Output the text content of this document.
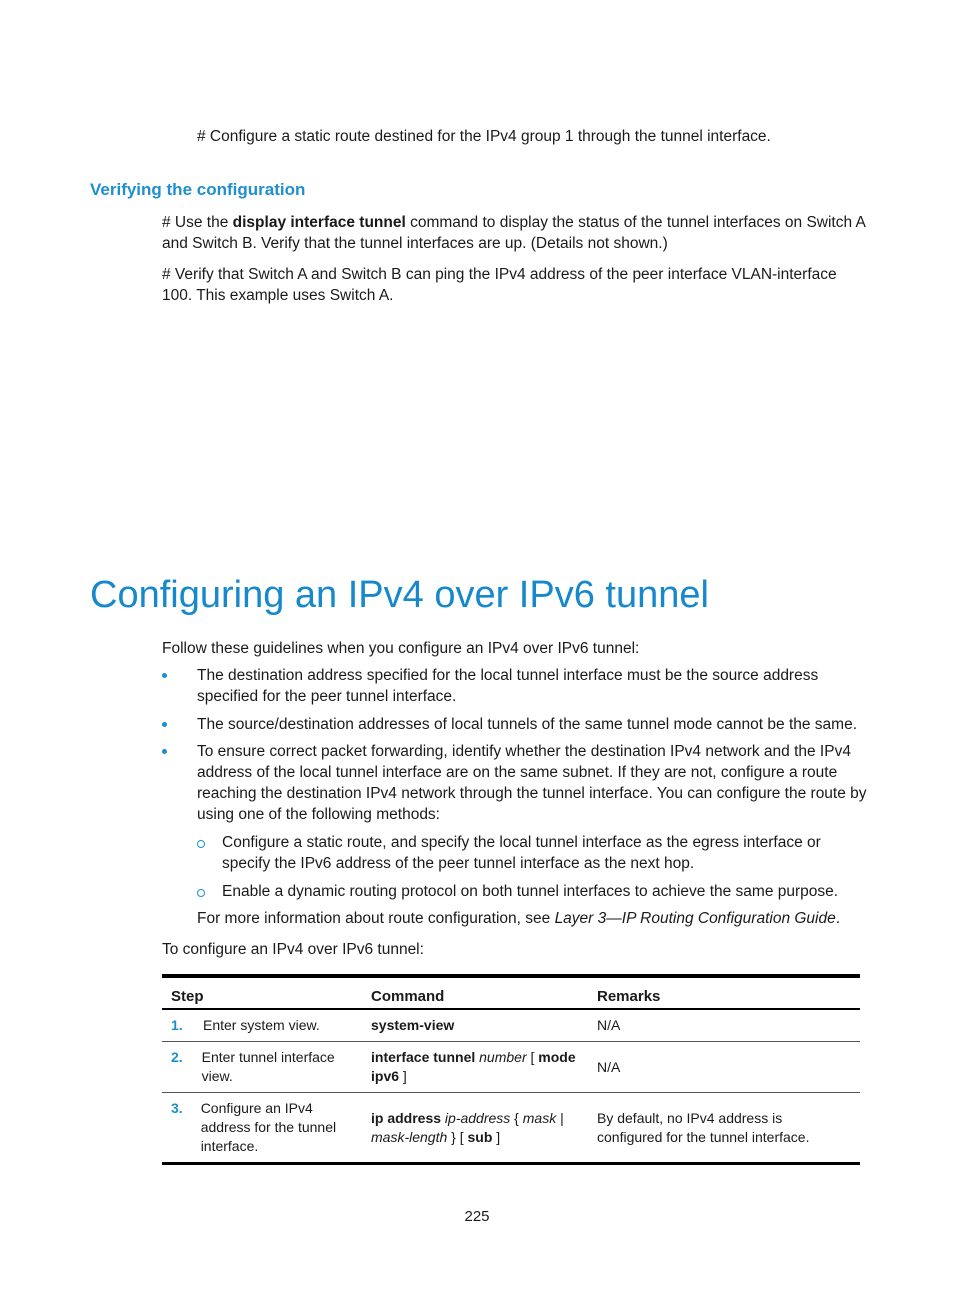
# Configure a static route destined for the IPv4 group 1 through the tunnel interface.

Verifying the configuration

# Use the display interface tunnel command to display the status of the tunnel interfaces on Switch A and Switch B. Verify that the tunnel interfaces are up. (Details not shown.)

# Verify that Switch A and Switch B can ping the IPv4 address of the peer interface VLAN-interface 100. This example uses Switch A.

Configuring an IPv4 over IPv6 tunnel

Follow these guidelines when you configure an IPv4 over IPv6 tunnel:

The destination address specified for the local tunnel interface must be the source address specified for the peer tunnel interface.

The source/destination addresses of local tunnels of the same tunnel mode cannot be the same.

To ensure correct packet forwarding, identify whether the destination IPv4 network and the IPv4 address of the local tunnel interface are on the same subnet. If they are not, configure a route reaching the destination IPv4 network through the tunnel interface. You can configure the route by using one of the following methods:

Configure a static route, and specify the local tunnel interface as the egress interface or specify the IPv6 address of the peer tunnel interface as the next hop.

Enable a dynamic routing protocol on both tunnel interfaces to achieve the same purpose.

For more information about route configuration, see Layer 3—IP Routing Configuration Guide.

To configure an IPv4 over IPv6 tunnel:

Step	Command	Remarks

1. Enter system view.	system-view	N/A

2. Enter tunnel interface view.	interface tunnel number [ mode ipv6 ]	N/A

3. Configure an IPv4 address for the tunnel interface.	ip address ip-address { mask | mask-length } [ sub ]	By default, no IPv4 address is configured for the tunnel interface.
225
